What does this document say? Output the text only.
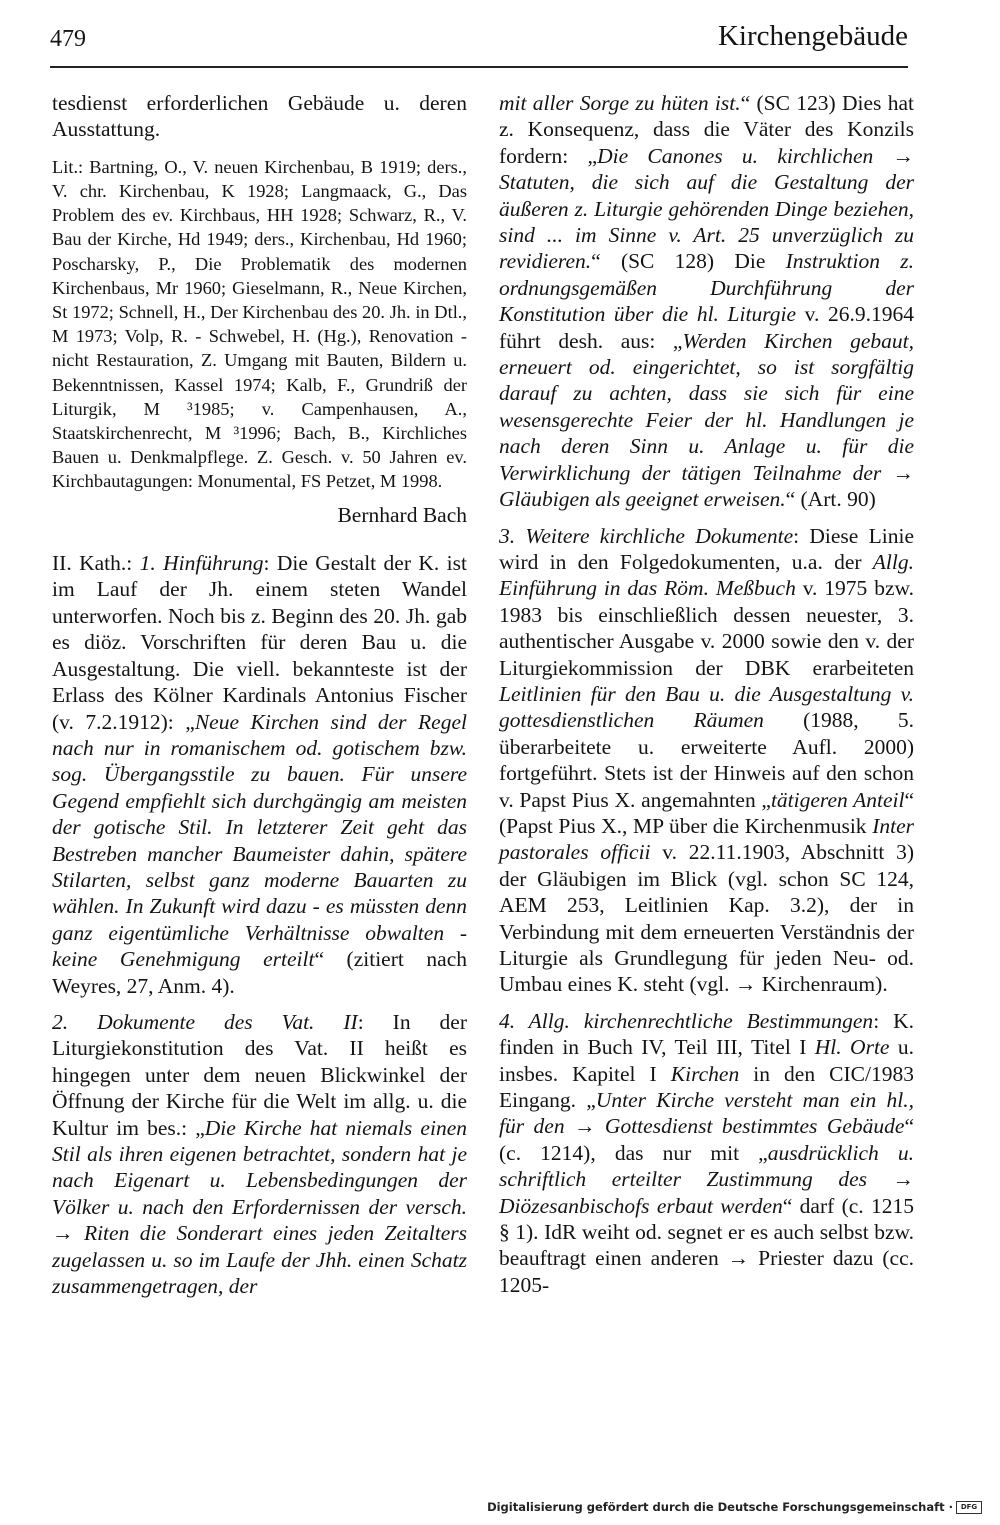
479	Kirchengebäude

tesdienst erforderlichen Gebäude u. deren Ausstattung.

Lit.: Bartning, O., V. neuen Kirchenbau, B 1919; ders., V. chr. Kirchenbau, K 1928; Langmaack, G., Das Problem des ev. Kirchbaus, HH 1928; Schwarz, R., V. Bau der Kirche, Hd 1949; ders., Kirchenbau, Hd 1960; Poscharsky, P., Die Problematik des modernen Kirchenbaus, Mr 1960; Gieselmann, R., Neue Kirchen, St 1972; Schnell, H., Der Kirchenbau des 20. Jh. in Dtl., M 1973; Volp, R. - Schwebel, H. (Hg.), Renovation - nicht Restauration, Z. Umgang mit Bauten, Bildern u. Bekenntnissen, Kassel 1974; Kalb, F., Grundriß der Liturgik, M ³1985; v. Campenhausen, A., Staatskirchenrecht, M ³1996; Bach, B., Kirchliches Bauen u. Denkmalpflege. Z. Gesch. v. 50 Jahren ev. Kirchbautagungen: Monumental, FS Petzet, M 1998.

Bernhard Bach

II. Kath.: 1. Hinführung: Die Gestalt der K. ist im Lauf der Jh. einem steten Wandel unterworfen. Noch bis z. Beginn des 20. Jh. gab es diöz. Vorschriften für deren Bau u. die Ausgestaltung. Die viell. bekannteste ist der Erlass des Kölner Kardinals Antonius Fischer (v. 7.2.1912): „Neue Kirchen sind der Regel nach nur in romanischem od. gotischem bzw. sog. Übergangsstile zu bauen. Für unsere Gegend empfiehlt sich durchgängig am meisten der gotische Stil. In letzterer Zeit geht das Bestreben mancher Baumeister dahin, spätere Stilarten, selbst ganz moderne Bauarten zu wählen. In Zukunft wird dazu - es müssten denn ganz eigentümliche Verhältnisse obwalten - keine Genehmigung erteilt“ (zitiert nach Weyres, 27, Anm. 4).

2. Dokumente des Vat. II: In der Liturgiekonstitution des Vat. II heißt es hingegen unter dem neuen Blickwinkel der Öffnung der Kirche für die Welt im allg. u. die Kultur im bes.: „Die Kirche hat niemals einen Stil als ihren eigenen betrachtet, sondern hat je nach Eigenart u. Lebensbedingungen der Völker u. nach den Erfordernissen der versch. → Riten die Sonderart eines jeden Zeitalters zugelassen u. so im Laufe der Jhh. einen Schatz zusammengetragen, der

mit aller Sorge zu hüten ist.“ (SC 123) Dies hat z. Konsequenz, dass die Väter des Konzils fordern: „Die Canones u. kirchlichen → Statuten, die sich auf die Gestaltung der äußeren z. Liturgie gehörenden Dinge beziehen, sind ... im Sinne v. Art. 25 unverzüglich zu revidieren.“ (SC 128) Die Instruktion z. ordnungsgemäßen Durchführung der Konstitution über die hl. Liturgie v. 26.9.1964 führt desh. aus: „Werden Kirchen gebaut, erneuert od. eingerichtet, so ist sorgfältig darauf zu achten, dass sie sich für eine wesensgerechte Feier der hl. Handlungen je nach deren Sinn u. Anlage u. für die Verwirklichung der tätigen Teilnahme der → Gläubigen als geeignet erweisen.“ (Art. 90)

3. Weitere kirchliche Dokumente: Diese Linie wird in den Folgedokumenten, u.a. der Allg. Einführung in das Röm. Meßbuch v. 1975 bzw. 1983 bis einschließlich dessen neuester, 3. authentischer Ausgabe v. 2000 sowie den v. der Liturgiekommission der DBK erarbeiteten Leitlinien für den Bau u. die Ausgestaltung v. gottesdienstlichen Räumen (1988, 5. überarbeitete u. erweiterte Aufl. 2000) fortgeführt. Stets ist der Hinweis auf den schon v. Papst Pius X. angemahnten „tätigeren Anteil“ (Papst Pius X., MP über die Kirchenmusik Inter pastorales officii v. 22.11.1903, Abschnitt 3) der Gläubigen im Blick (vgl. schon SC 124, AEM 253, Leitlinien Kap. 3.2), der in Verbindung mit dem erneuerten Verständnis der Liturgie als Grundlegung für jeden Neu- od. Umbau eines K. steht (vgl. → Kirchenraum).

4. Allg. kirchenrechtliche Bestimmungen: K. finden in Buch IV, Teil III, Titel I Hl. Orte u. insbes. Kapitel I Kirchen in den CIC/1983 Eingang. „Unter Kirche versteht man ein hl., für den → Gottesdienst bestimmtes Gebäude“ (c. 1214), das nur mit „ausdrücklich u. schriftlich erteilter Zustimmung des → Diözesanbischofs erbaut werden“ darf (c. 1215 § 1). IdR weiht od. segnet er es auch selbst bzw. beauftragt einen anderen → Priester dazu (cc. 1205-

Digitalisierung gefördert durch die Deutsche Forschungsgemeinschaft ·	DFG
